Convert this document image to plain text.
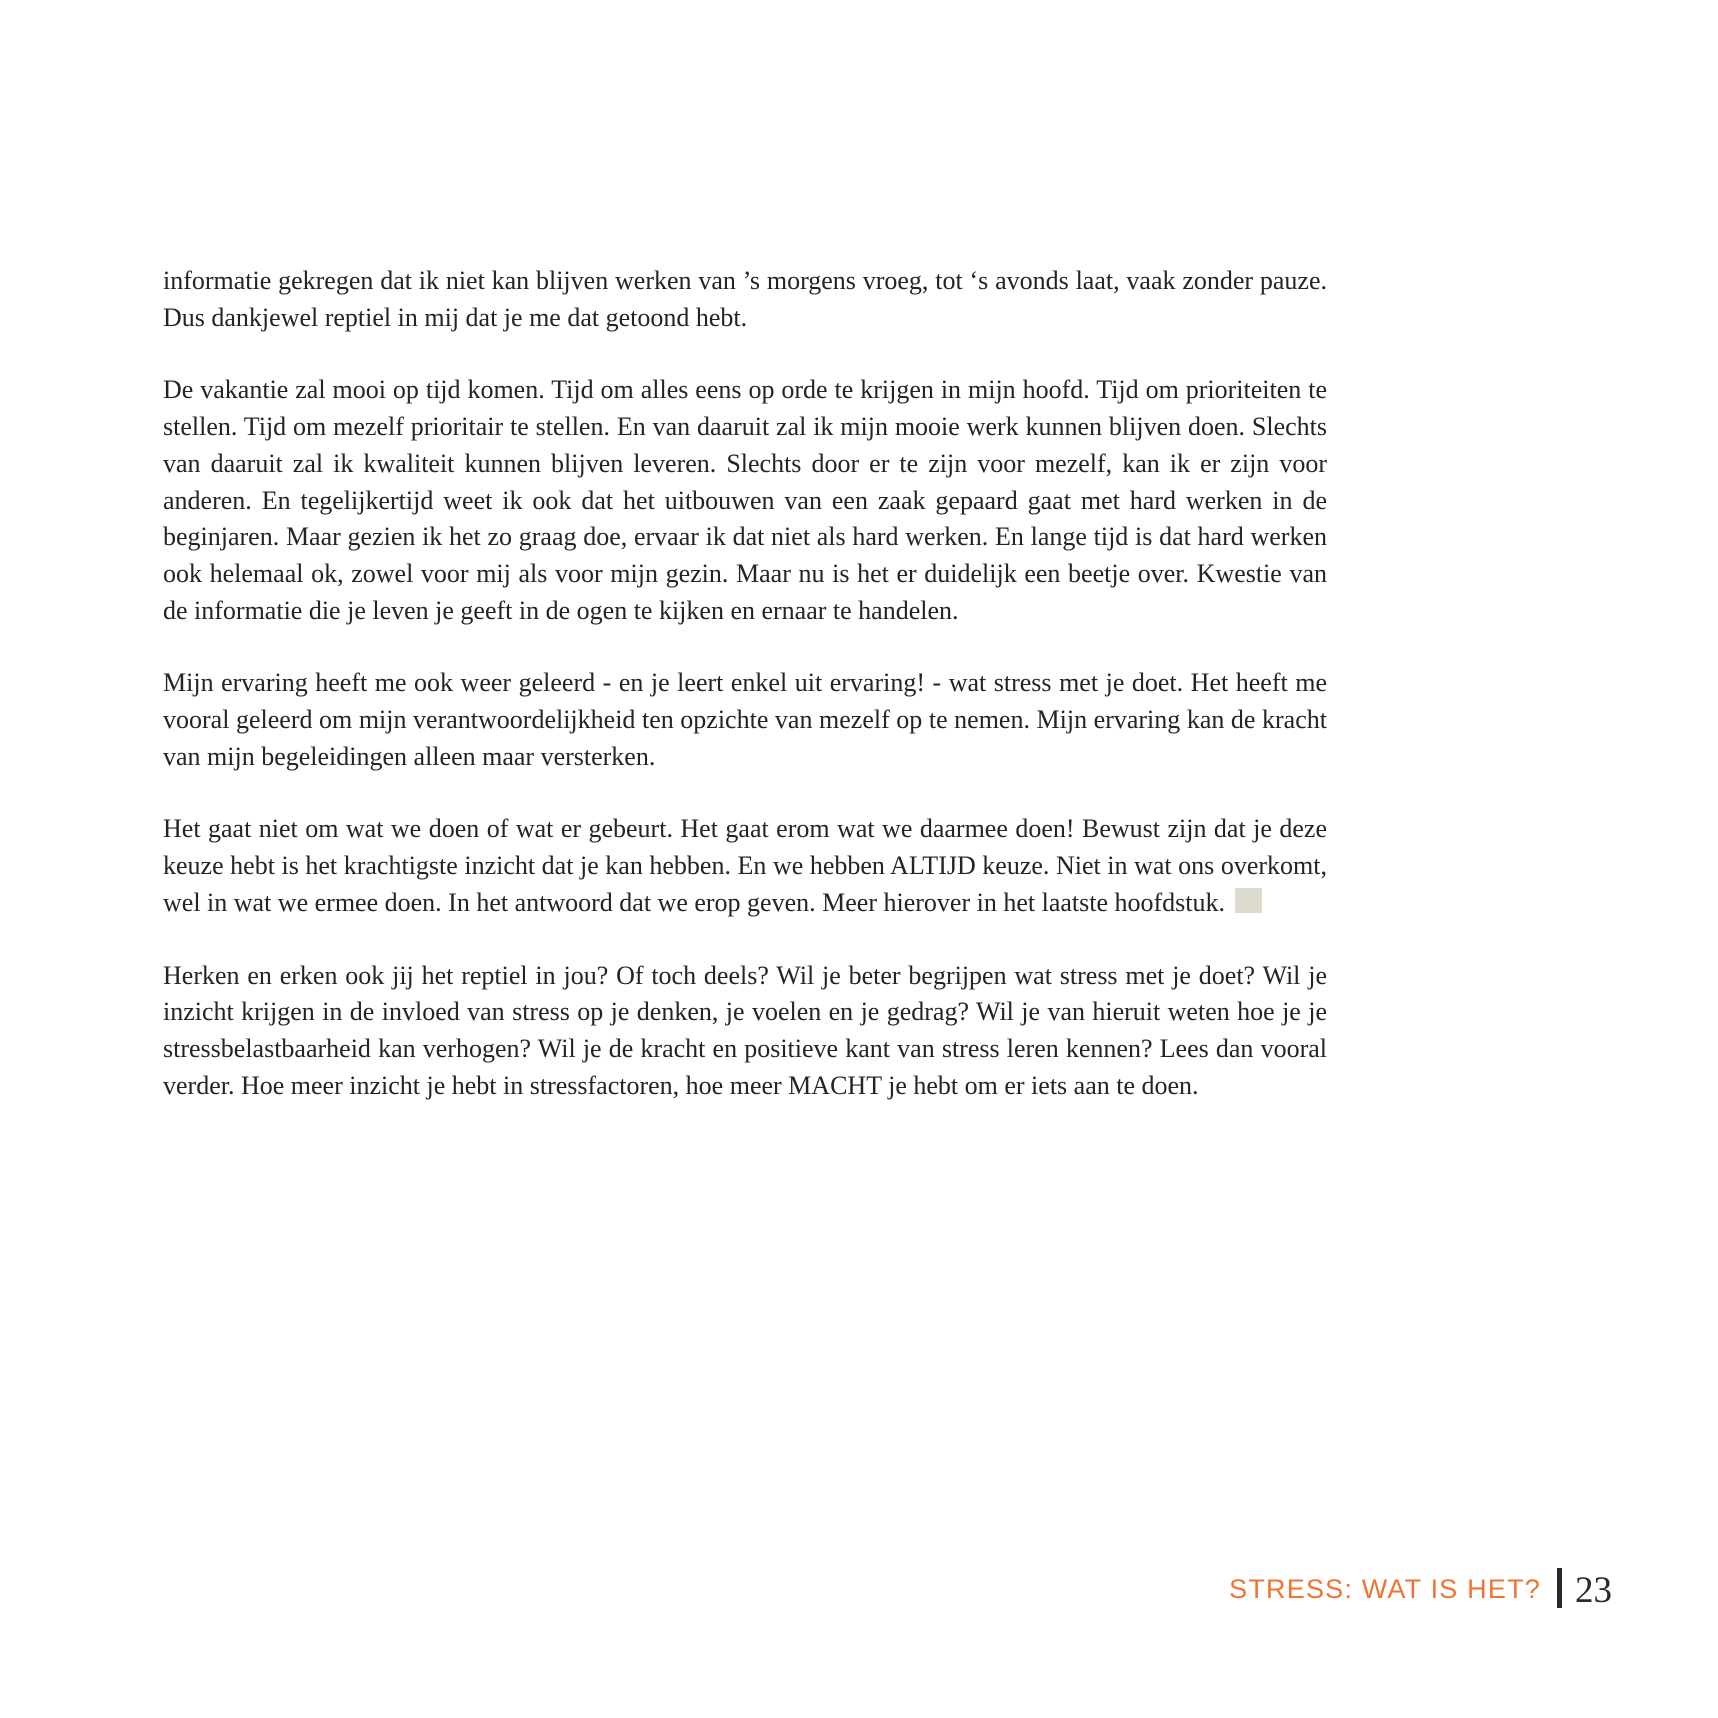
informatie gekregen dat ik niet kan blijven werken van ’s morgens vroeg, tot ‘s avonds laat, vaak zonder pauze. Dus dankjewel reptiel in mij dat je me dat getoond hebt.

De vakantie zal mooi op tijd komen. Tijd om alles eens op orde te krijgen in mijn hoofd. Tijd om prioriteiten te stellen. Tijd om mezelf prioritair te stellen. En van daaruit zal ik mijn mooie werk kunnen blijven doen. Slechts van daaruit zal ik kwaliteit kunnen blijven leveren. Slechts door er te zijn voor mezelf, kan ik er zijn voor anderen. En tegelijkertijd weet ik ook dat het uitbouwen van een zaak gepaard gaat met hard werken in de beginjaren. Maar gezien ik het zo graag doe, ervaar ik dat niet als hard werken. En lange tijd is dat hard werken ook helemaal ok, zowel voor mij als voor mijn gezin. Maar nu is het er duidelijk een beetje over. Kwestie van de informatie die je leven je geeft in de ogen te kijken en ernaar te handelen.

Mijn ervaring heeft me ook weer geleerd - en je leert enkel uit ervaring! - wat stress met je doet. Het heeft me vooral geleerd om mijn verantwoordelijkheid ten opzichte van mezelf op te nemen. Mijn ervaring kan de kracht van mijn begeleidingen alleen maar versterken.

Het gaat niet om wat we doen of wat er gebeurt. Het gaat erom wat we daarmee doen! Bewust zijn dat je deze keuze hebt is het krachtigste inzicht dat je kan hebben. En we hebben ALTIJD keuze. Niet in wat ons overkomt, wel in wat we ermee doen. In het antwoord dat we erop geven. Meer hierover in het laatste hoofdstuk.

Herken en erken ook jij het reptiel in jou? Of toch deels? Wil je beter begrijpen wat stress met je doet? Wil je inzicht krijgen in de invloed van stress op je denken, je voelen en je gedrag? Wil je van hieruit weten hoe je je stressbelastbaarheid kan verhogen? Wil je de kracht en positieve kant van stress leren kennen? Lees dan vooral verder. Hoe meer inzicht je hebt in stressfactoren, hoe meer MACHT je hebt om er iets aan te doen.

STRESS: WAT IS HET? 23
